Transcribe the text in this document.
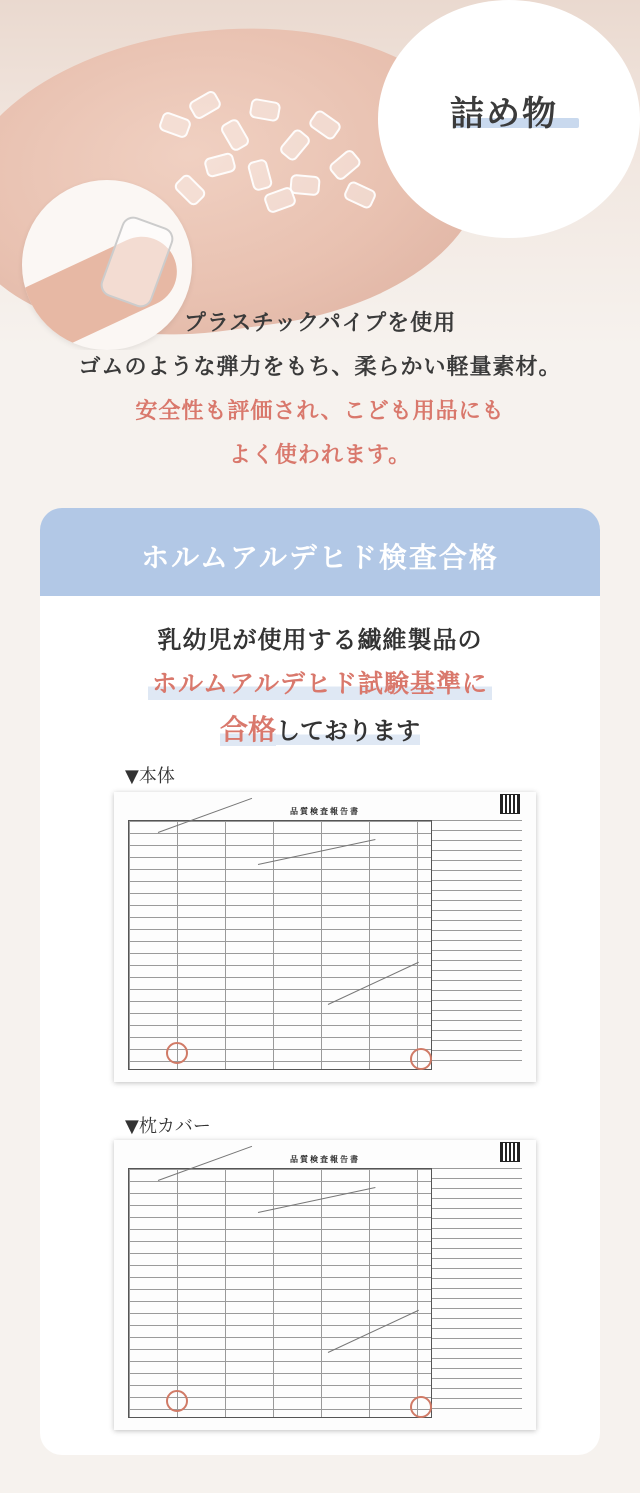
詰め物
プラスチックパイプを使用
ゴムのような弾力をもち、柔らかい軽量素材。
安全性も評価され、こども用品にも
よく使われます。
ホルムアルデヒド検査合格
乳幼児が使用する繊維製品の
ホルムアルデヒド試験基準に
合格しております
▼本体
品質検査報告書
▼枕カバー
品質検査報告書
